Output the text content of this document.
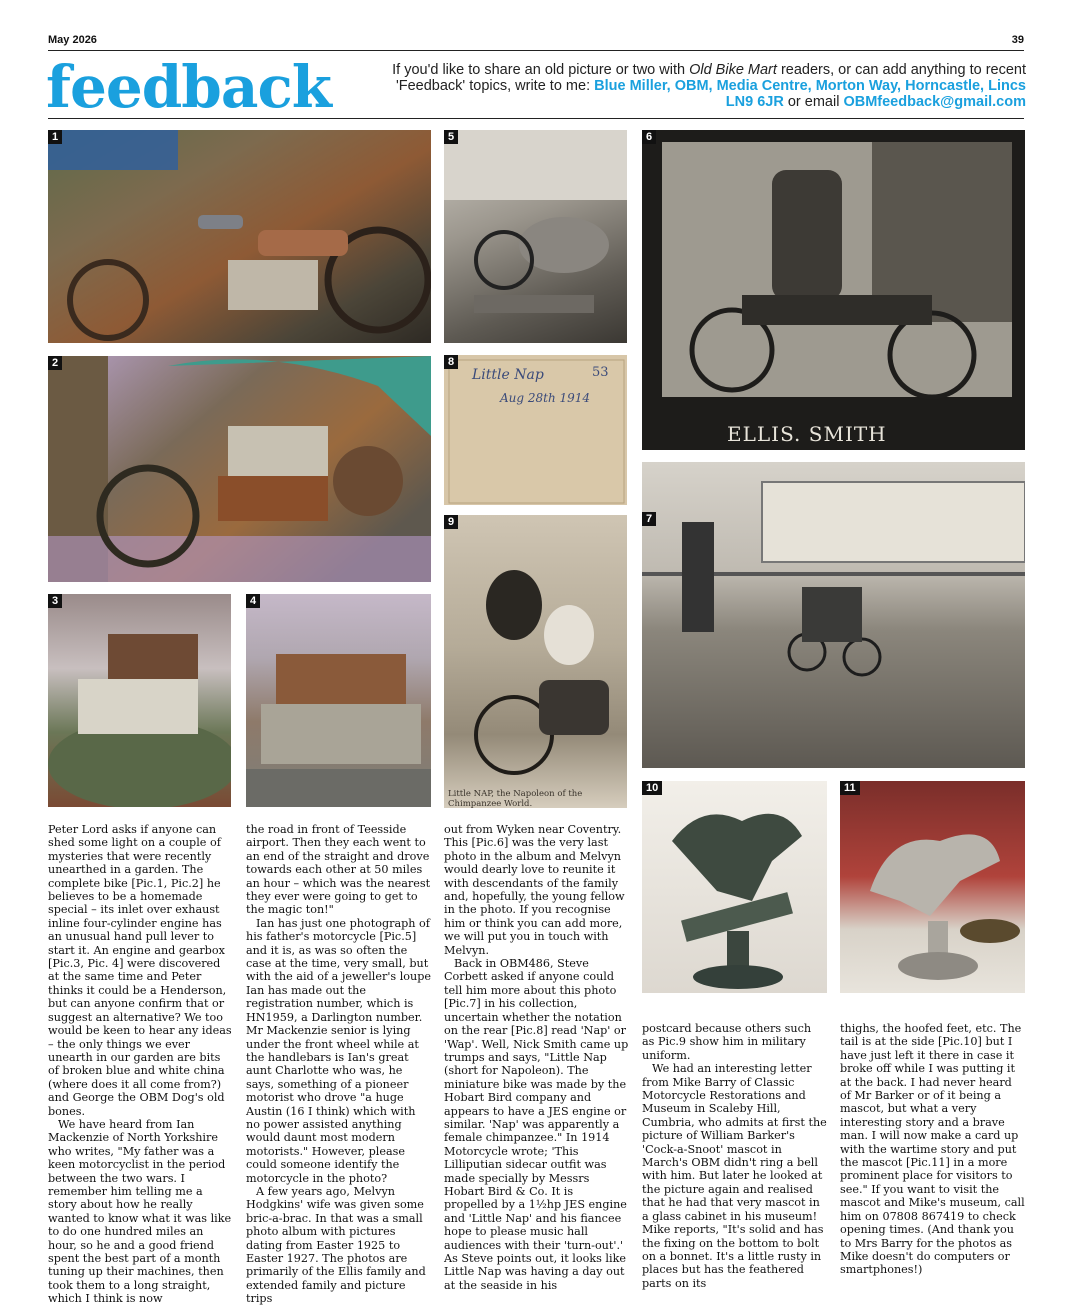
May 2026	39
feedback	If you'd like to share an old picture or two with Old Bike Mart readers, or can add anything to recent 'Feedback' topics, write to me: Blue Miller, OBM, Media Centre, Morton Way, Horncastle, Lincs LN9 6JR or email OBMfeedback@gmail.com
1
2
3	4
5	6
ELLIS. SMITH
7
8
Little Nap
Aug 28th 1914
53
9
Little NAP, the Napoleon of the Chimpanzee World.
10	11

Peter Lord asks if anyone can shed some light on a couple of mysteries that were recently unearthed in a garden. The complete bike [Pic.1, Pic.2] he believes to be a homemade special – its inlet over exhaust inline four-cylinder engine has an unusual hand pull lever to start it. An engine and gearbox [Pic.3, Pic. 4] were discovered at the same time and Peter thinks it could be a Henderson, but can anyone confirm that or suggest an alternative? We too would be keen to hear any ideas – the only things we ever unearth in our garden are bits of broken blue and white china (where does it all come from?) and George the OBM Dog's old bones.

We have heard from Ian Mackenzie of North Yorkshire who writes, "My father was a keen motorcyclist in the period between the two wars. I remember him telling me a story about how he really wanted to know what it was like to do one hundred miles an hour, so he and a good friend spent the best part of a month tuning up their machines, then took them to a long straight, which I think is now

the road in front of Teesside airport. Then they each went to an end of the straight and drove towards each other at 50 miles an hour – which was the nearest they ever were going to get to the magic ton!"

Ian has just one photograph of his father's motorcycle [Pic.5] and it is, as was so often the case at the time, very small, but with the aid of a jeweller's loupe Ian has made out the registration number, which is HN1959, a Darlington number. Mr Mackenzie senior is lying under the front wheel while at the handlebars is Ian's great aunt Charlotte who was, he says, something of a pioneer motorist who drove "a huge Austin (16 I think) which with no power assisted anything would daunt most modern motorists." However, please could someone identify the motorcycle in the photo?

A few years ago, Melvyn Hodgkins' wife was given some bric-a-brac. In that was a small photo album with pictures dating from Easter 1925 to Easter 1927. The photos are primarily of the Ellis family and extended family and picture trips

out from Wyken near Coventry. This [Pic.6] was the very last photo in the album and Melvyn would dearly love to reunite it with descendants of the family and, hopefully, the young fellow in the photo. If you recognise him or think you can add more, we will put you in touch with Melvyn.

Back in OBM486, Steve Corbett asked if anyone could tell him more about this photo [Pic.7] in his collection, uncertain whether the notation on the rear [Pic.8] read 'Nap' or 'Wap'. Well, Nick Smith came up trumps and says, "Little Nap (short for Napoleon). The miniature bike was made by the Hobart Bird company and appears to have a JES engine or similar. 'Nap' was apparently a female chimpanzee." In 1914 Motorcycle wrote; 'This Lilliputian sidecar outfit was made specially by Messrs Hobart Bird & Co. It is propelled by a 1½hp JES engine and 'Little Nap' and his fiancee hope to please music hall audiences with their 'turn-out'.' As Steve points out, it looks like Little Nap was having a day out at the seaside in his

postcard because others such as Pic.9 show him in military uniform.

We had an interesting letter from Mike Barry of Classic Motorcycle Restorations and Museum in Scaleby Hill, Cumbria, who admits at first the picture of William Barker's 'Cock-a-Snoot' mascot in March's OBM didn't ring a bell with him. But later he looked at the picture again and realised that he had that very mascot in a glass cabinet in his museum! Mike reports, "It's solid and has the fixing on the bottom to bolt on a bonnet. It's a little rusty in places but has the feathered parts on its

thighs, the hoofed feet, etc. The tail is at the side [Pic.10] but I have just left it there in case it broke off while I was putting it at the back. I had never heard of Mr Barker or of it being a mascot, but what a very interesting story and a brave man. I will now make a card up with the wartime story and put the mascot [Pic.11] in a more prominent place for visitors to see." If you want to visit the mascot and Mike's museum, call him on 07808 867419 to check opening times. (And thank you to Mrs Barry for the photos as Mike doesn't do computers or smartphones!)
